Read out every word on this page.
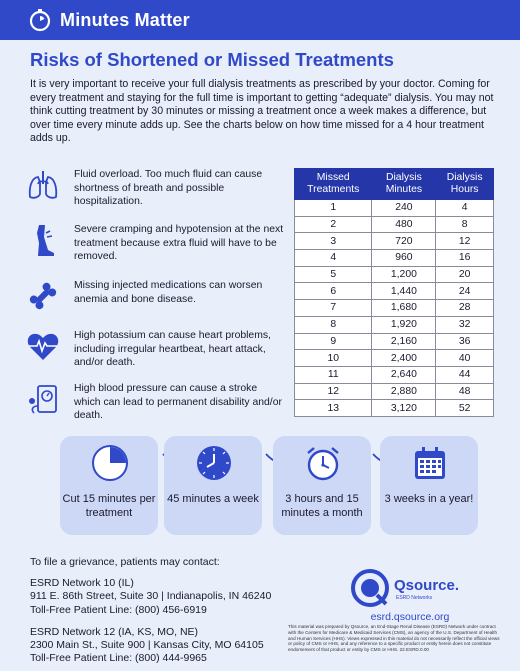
Minutes Matter
Risks of Shortened or Missed Treatments
It is very important to receive your full dialysis treatments as prescribed by your doctor. Coming for every treatment and staying for the full time is important to getting “adequate” dialysis. You may not think cutting treatment by 30 minutes or missing a treatment once a week makes a difference, but over time every minute adds up. See the charts below on how time missed for a 4 hour treatment adds up.
Fluid overload. Too much fluid can cause shortness of breath and possible hospitalization.
Severe cramping and hypotension at the next treatment because extra fluid will have to be removed.
Missing injected medications can worsen anemia and bone disease.
High potassium can cause heart problems, including irregular heartbeat, heart attack, and/or death.
High blood pressure can cause a stroke which can lead to permanent disability and/or death.
Missed Treatments	Dialysis Minutes	Dialysis Hours
1	240	4
2	480	8
3	720	12
4	960	16
5	1,200	20
6	1,440	24
7	1,680	28
8	1,920	32
9	2,160	36
10	2,400	40
11	2,640	44
12	2,880	48
13	3,120	52
Cut 15 minutes per treatment
45 minutes a week	3 hours and 15 minutes a month
3 weeks in a year!
To file a grievance, patients may contact:
ESRD Network 10 (IL)
911 E. 86th Street, Suite 30 | Indianapolis, IN 46240
Toll-Free Patient Line: (800) 456-6919
ESRD Network 12 (IA, KS, MO, NE)
2300 Main St., Suite 900 | Kansas City, MO 64105
Toll-Free Patient Line: (800) 444-9965
Qsource.
ESRD Networks
esrd.qsource.org
This material was prepared by Qsource, an End-Stage Renal Disease (ESRD) Network under contract with the Centers for Medicare & Medicaid Services (CMS), an agency of the U.S. Department of Health and Human Services (HHS). Views expressed in this material do not necessarily reflect the official views or policy of CMS or HHS, and any reference to a specific product or entity herein does not constitute endorsement of that product or entity by CMS or HHS. 22.ESRD.0.00
